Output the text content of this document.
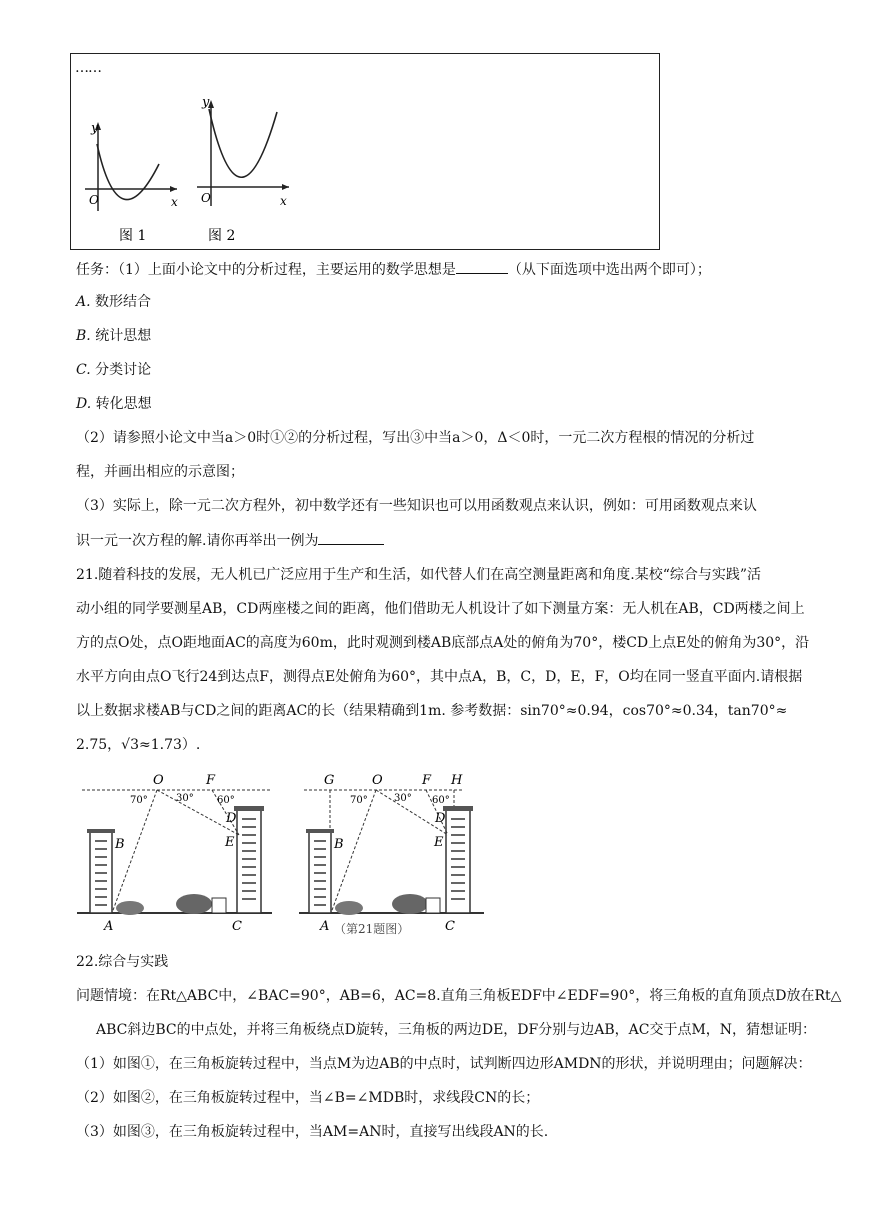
……
y
O	x
y
O	x
图 1	图 2
任务：（1）上面小论文中的分析过程，主要运用的数学思想是	（从下面选项中选出两个即可）；
A. 数形结合
B. 统计思想
C. 分类讨论
D. 转化思想
（2）请参照小论文中当a＞0时①②的分析过程，写出③中当a＞0，Δ＜0时，一元二次方程根的情况的分析过
程，并画出相应的示意图；
（3）实际上，除一元二次方程外，初中数学还有一些知识也可以用函数观点来认识，例如：可用函数观点来认
识一元一次方程的解.请你再举出一例为
21.随着科技的发展，无人机已广泛应用于生产和生活，如代替人们在高空测量距离和角度.某校“综合与实践”活
动小组的同学要测星AB，CD两座楼之间的距离，他们借助无人机设计了如下测量方案：无人机在AB，CD两楼之间上
方的点O处，点O距地面AC的高度为60m，此时观测到楼AB底部点A处的俯角为70°，楼CD上点E处的俯角为30°，沿
水平方向由点O飞行24到达点F，测得点E处俯角为60°，其中点A，B，C，D，E，F，O均在同一竖直平面内.请根据
以上数据求楼AB与CD之间的距离AC的长（结果精确到1m. 参考数据：sin70°≈0.94，cos70°≈0.34，tan70°≈
2.75，√3≈1.73）.
O	F
70°	30° 60°
B
D
E
A	C
G	O	F H
70°	30° 60°
B
D
E
A （第21题图）	C
22.综合与实践
问题情境：在Rt△ABC中，∠BAC=90°，AB=6，AC=8.直角三角板EDF中∠EDF=90°，将三角板的直角顶点D放在Rt△
ABC斜边BC的中点处，并将三角板绕点D旋转，三角板的两边DE，DF分别与边AB，AC交于点M，N，猜想证明：
（1）如图①，在三角板旋转过程中，当点M为边AB的中点时，试判断四边形AMDN的形状，并说明理由；问题解决：
（2）如图②，在三角板旋转过程中，当∠B=∠MDB时，求线段CN的长；
（3）如图③，在三角板旋转过程中，当AM=AN时，直接写出线段AN的长.
